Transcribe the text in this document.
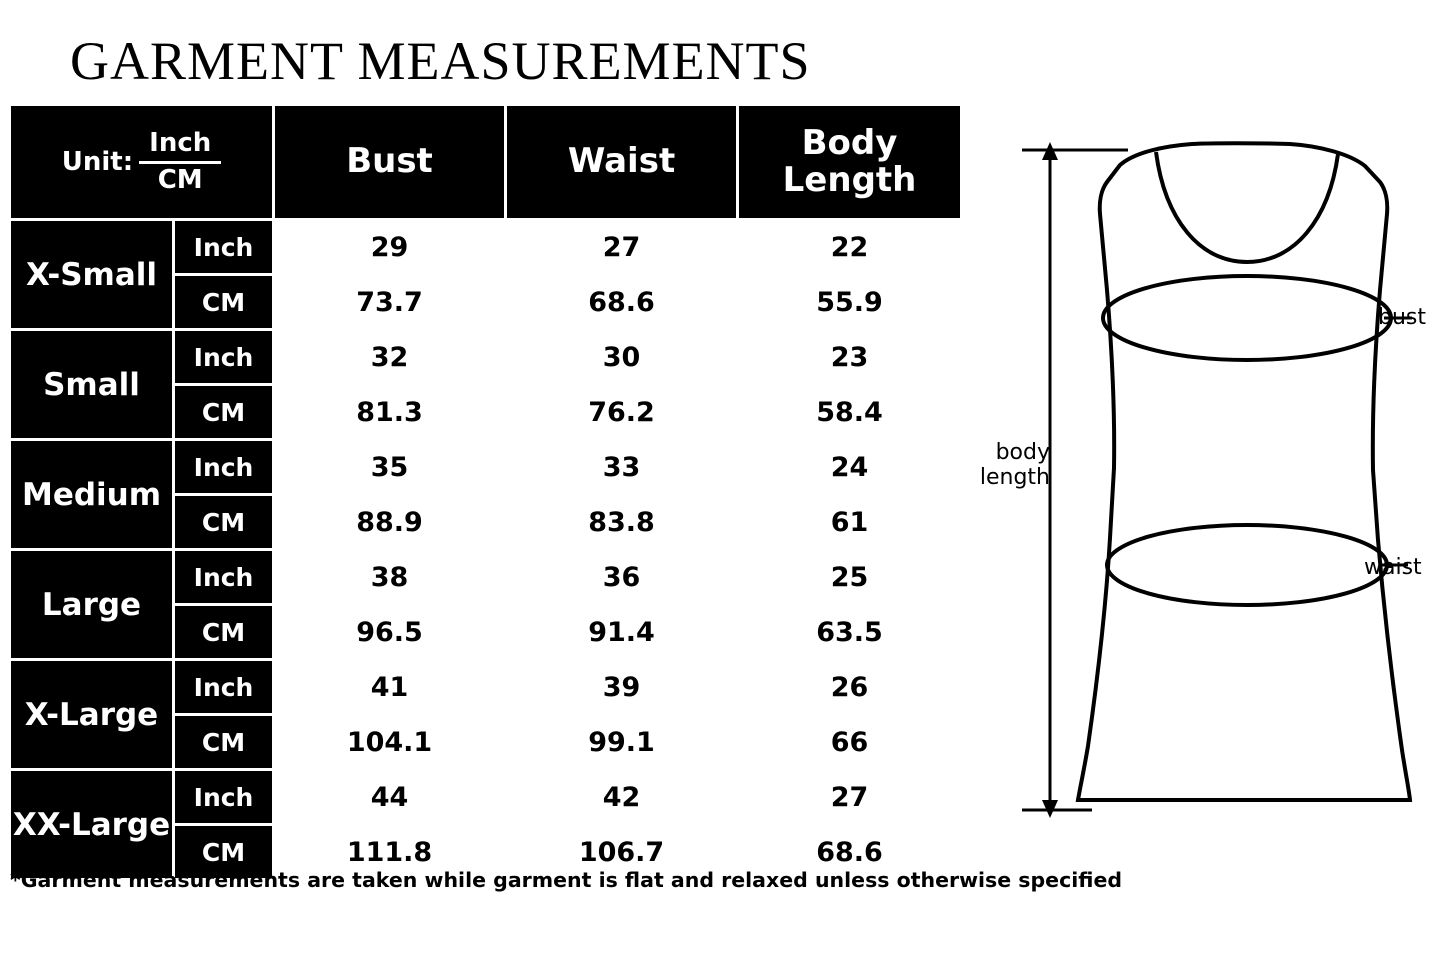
GARMENT MEASUREMENTS
Unit:
Inch
CM		Bust	Waist	Body Length
X-Small	Inch	29	27	22
	CM	73.7	68.6	55.9
Small	Inch	32	30	23
	CM	81.3	76.2	58.4
Medium	Inch	35	33	24
	CM	88.9	83.8	61
Large	Inch	38	36	25
	CM	96.5	91.4	63.5
X-Large	Inch	41	39	26
	CM	104.1	99.1	66
XX-Large	Inch	44	42	27
	CM	111.8	106.7	68.6
*Garment measurements are taken while garment is flat and relaxed unless otherwise specified
bust
waist
body
length
